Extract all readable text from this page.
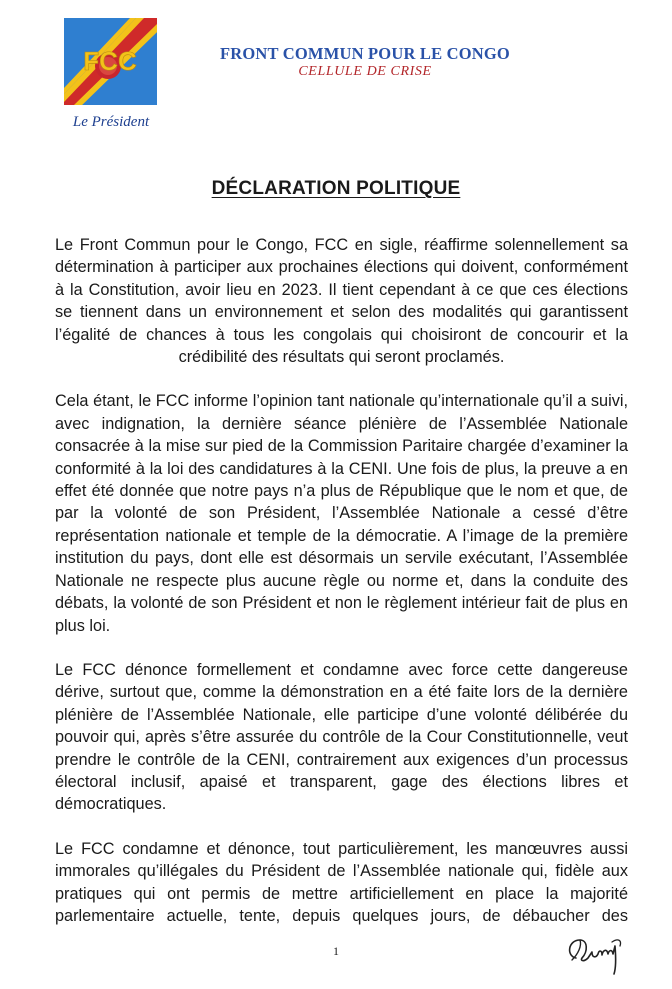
FCC
Le Président
FRONT COMMUN POUR LE CONGO
CELLULE DE CRISE
DÉCLARATION POLITIQUE

Le Front Commun pour le Congo, FCC en sigle, réaffirme solennellement sa détermination à participer aux prochaines élections qui doivent, conformément à la Constitution, avoir lieu en 2023. Il tient cependant à ce que ces élections se tiennent dans un environnement et selon des modalités qui garantissent l’égalité de chances à tous les congolais qui choisiront de concourir et la crédibilité des résultats qui seront proclamés.

Cela étant, le FCC informe l’opinion tant nationale qu’internationale qu’il a suivi, avec indignation, la dernière séance plénière de l’Assemblée Nationale consacrée à la mise sur pied de la Commission Paritaire chargée d’examiner la conformité à la loi des candidatures à la CENI. Une fois de plus, la preuve a en effet été donnée que notre pays n’a plus de République que le nom et que, de par la volonté de son Président, l’Assemblée Nationale a cessé d’être représentation nationale et temple de la démocratie. A l’image de la première institution du pays, dont elle est désormais un servile exécutant, l’Assemblée Nationale ne respecte plus aucune règle ou norme et, dans la conduite des débats, la volonté de son Président et non le règlement intérieur fait de plus en plus loi.

Le FCC dénonce formellement et condamne avec force cette dangereuse dérive, surtout que, comme la démonstration en a été faite lors de la dernière plénière de l’Assemblée Nationale, elle participe d’une volonté délibérée du pouvoir qui, après s’être assurée du contrôle de la Cour Constitutionnelle, veut prendre le contrôle de la CENI, contrairement aux exigences d’un processus électoral inclusif, apaisé et transparent, gage des élections libres et démocratiques.

Le FCC condamne et dénonce, tout particulièrement, les manœuvres aussi immorales qu’illégales du Président de l’Assemblée nationale qui, fidèle aux pratiques qui ont permis de mettre artificiellement en place la majorité parlementaire actuelle, tente, depuis quelques jours, de débaucher des

1
